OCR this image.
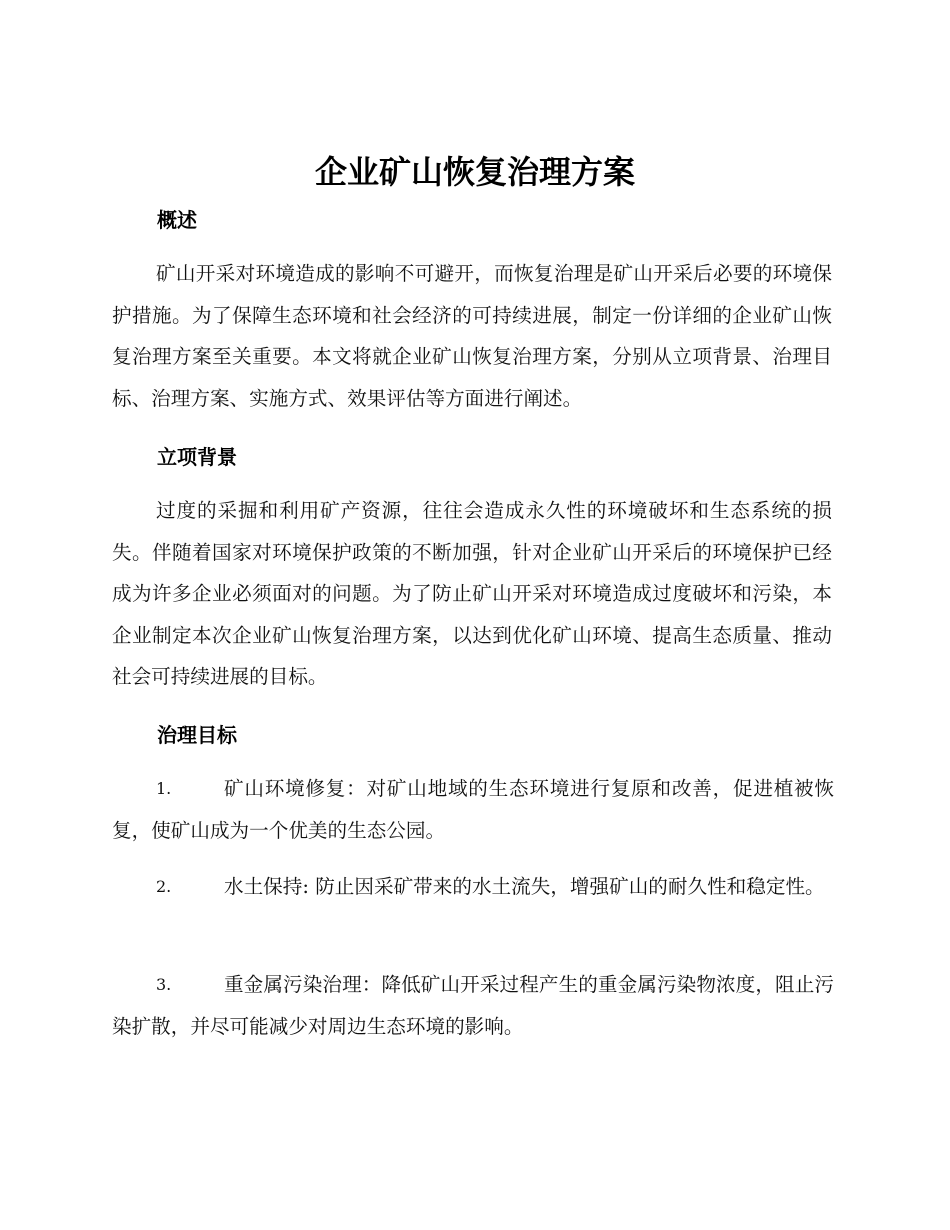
企业矿山恢复治理方案
概述

矿山开采对环境造成的影响不可避开，而恢复治理是矿山开采后必要的环境保护措施。为了保障生态环境和社会经济的可持续进展，制定一份详细的企业矿山恢复治理方案至关重要。本文将就企业矿山恢复治理方案，分别从立项背景、治理目标、治理方案、实施方式、效果评估等方面进行阐述。

立项背景

过度的采掘和利用矿产资源，往往会造成永久性的环境破坏和生态系统的损失。伴随着国家对环境保护政策的不断加强，针对企业矿山开采后的环境保护已经成为许多企业必须面对的问题。为了防止矿山开采对环境造成过度破坏和污染，本企业制定本次企业矿山恢复治理方案，以达到优化矿山环境、提高生态质量、推动社会可持续进展的目标。

治理目标
1.	矿山环境修复：对矿山地域的生态环境进行复原和改善，促进植被恢复，使矿山成为一个优美的生态公园。
2.	水土保持: 防止因采矿带来的水土流失，增强矿山的耐久性和稳定性。
3.	重金属污染治理：降低矿山开采过程产生的重金属污染物浓度，阻止污染扩散，并尽可能减少对周边生态环境的影响。
